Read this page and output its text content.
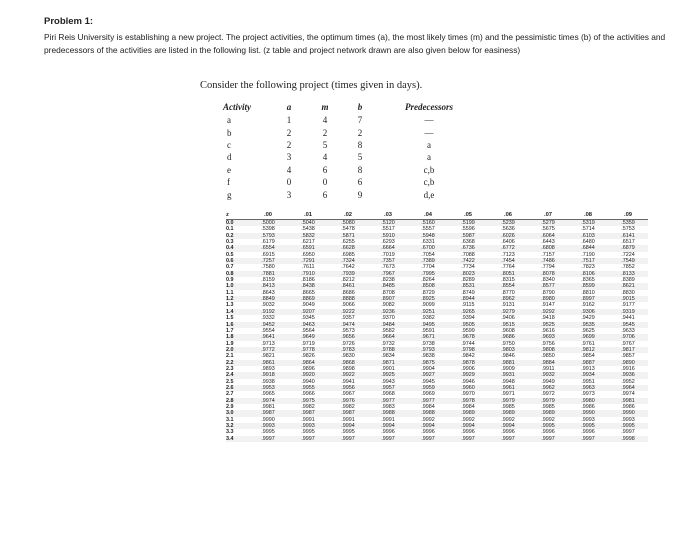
Problem 1:
Piri Reis University is establishing a new project. The project activities, the optimum times (a), the most likely times (m) and the pessimistic times (b) of the activities and predecessors of the activities are listed in the following list. (z table and project network drawn are also given below for easiness)
Consider the following project (times given in days).
Activity	a	m	b	Predecessors
a	1	4	7	—
b	2	2	2	—
c	2	5	8	a
d	3	4	5	a
e	4	6	8	c,b
f	0	0	6	c,b
g	3	6	9	d,e
z	.00	.01	.02	.03	.04	.05	.06	.07	.08	.09
0.0	.5000	.5040	.5080	.5120	.5160	.5199	.5239	.5279	.5319	.5359
0.1	.5398	.5438	.5478	.5517	.5557	.5596	.5636	.5675	.5714	.5753
0.2	.5793	.5832	.5871	.5910	.5948	.5987	.6026	.6064	.6103	.6141
0.3	.6179	.6217	.6255	.6293	.6331	.6368	.6406	.6443	.6480	.6517
0.4	.6554	.6591	.6628	.6664	.6700	.6736	.6772	.6808	.6844	.6879
0.5	.6915	.6950	.6985	.7019	.7054	.7088	.7123	.7157	.7190	.7224
0.6	.7257	.7291	.7324	.7357	.7389	.7422	.7454	.7486	.7517	.7549
0.7	.7580	.7611	.7642	.7673	.7704	.7734	.7764	.7794	.7823	.7852
0.8	.7881	.7910	.7939	.7967	.7995	.8023	.8051	.8078	.8106	.8133
0.9	.8159	.8186	.8212	.8238	.8264	.8289	.8315	.8340	.8365	.8389
1.0	.8413	.8438	.8461	.8485	.8508	.8531	.8554	.8577	.8599	.8621
1.1	.8643	.8665	.8686	.8708	.8729	.8749	.8770	.8790	.8810	.8830
1.2	.8849	.8869	.8888	.8907	.8925	.8944	.8962	.8980	.8997	.9015
1.3	.9032	.9049	.9066	.9082	.9099	.9115	.9131	.9147	.9162	.9177
1.4	.9192	.9207	.9222	.9236	.9251	.9265	.9279	.9292	.9306	.9319
1.5	.9332	.9345	.9357	.9370	.9382	.9394	.9406	.9418	.9429	.9441
1.6	.9452	.9463	.9474	.9484	.9495	.9505	.9515	.9525	.9535	.9545
1.7	.9554	.9564	.9573	.9582	.9591	.9599	.9608	.9616	.9625	.9633
1.8	.9641	.9649	.9656	.9664	.9671	.9678	.9686	.9693	.9699	.9706
1.9	.9713	.9719	.9726	.9732	.9738	.9744	.9750	.9756	.9761	.9767
2.0	.9772	.9778	.9783	.9788	.9793	.9798	.9803	.9808	.9812	.9817
2.1	.9821	.9826	.9830	.9834	.9838	.9842	.9846	.9850	.9854	.9857
2.2	.9861	.9864	.9868	.9871	.9875	.9878	.9881	.9884	.9887	.9890
2.3	.9893	.9896	.9898	.9901	.9904	.9906	.9909	.9911	.9913	.9916
2.4	.9918	.9920	.9922	.9925	.9927	.9929	.9931	.9932	.9934	.9936
2.5	.9938	.9940	.9941	.9943	.9945	.9946	.9948	.9949	.9951	.9952
2.6	.9953	.9955	.9956	.9957	.9959	.9960	.9961	.9962	.9963	.9964
2.7	.9965	.9966	.9967	.9968	.9969	.9970	.9971	.9972	.9973	.9974
2.8	.9974	.9975	.9976	.9977	.9977	.9978	.9979	.9979	.9980	.9981
2.9	.9981	.9982	.9982	.9983	.9984	.9984	.9985	.9985	.9986	.9986
3.0	.9987	.9987	.9987	.9988	.9988	.9989	.9989	.9989	.9990	.9990
3.1	.9990	.9991	.9991	.9991	.9992	.9992	.9992	.9992	.9993	.9993
3.2	.9993	.9993	.9994	.9994	.9994	.9994	.9994	.9995	.9995	.9995
3.3	.9995	.9995	.9995	.9996	.9996	.9996	.9996	.9996	.9996	.9997
3.4	.9997	.9997	.9997	.9997	.9997	.9997	.9997	.9997	.9997	.9998
